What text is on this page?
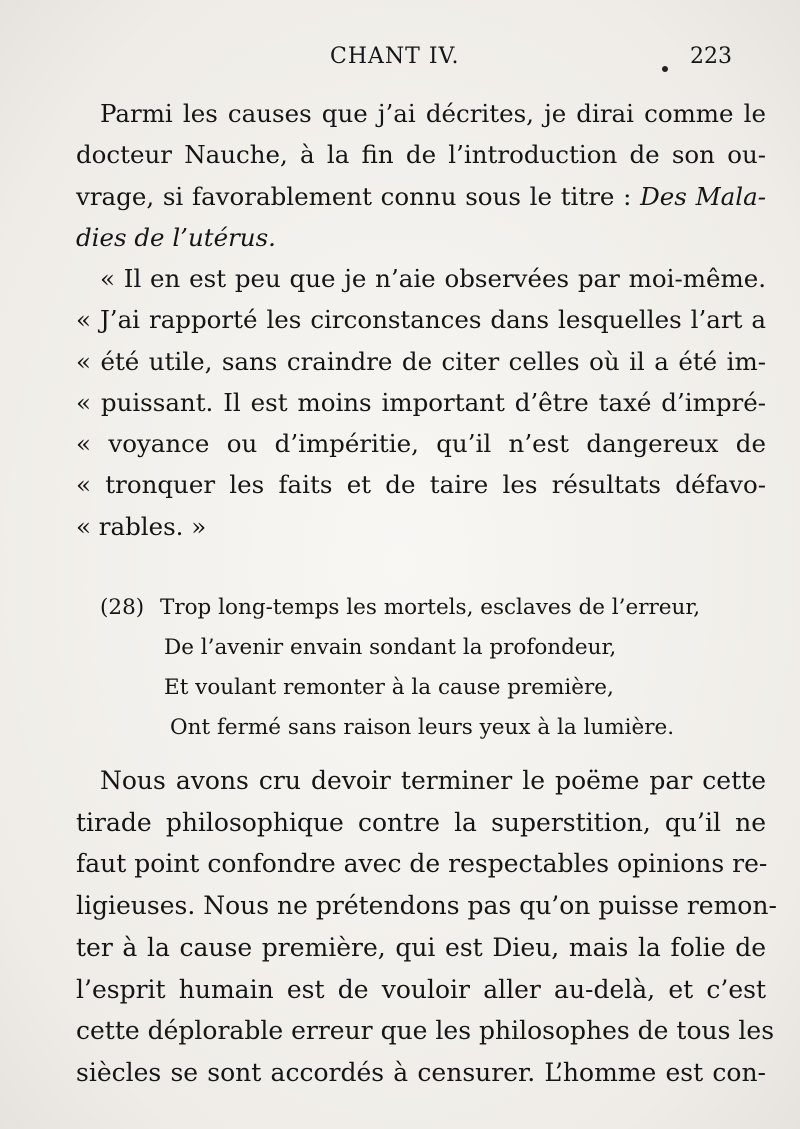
CHANT IV.	223
Parmi les causes que j’ai décrites, je dirai comme le
docteur Nauche, à la fin de l’introduction de son ou-
vrage, si favorablement connu sous le titre : Des Mala-
dies de l’utérus.
« Il en est peu que je n’aie observées par moi-même.
« J’ai rapporté les circonstances dans lesquelles l’art a
« été utile, sans craindre de citer celles où il a été im-
« puissant. Il est moins important d’être taxé d’impré-
« voyance ou d’impéritie, qu’il n’est dangereux de
« tronquer les faits et de taire les résultats défavo-
« rables. »
(28) Trop long-temps les mortels, esclaves de l’erreur,
De l’avenir envain sondant la profondeur,
Et voulant remonter à la cause première,
Ont fermé sans raison leurs yeux à la lumière.
Nous avons cru devoir terminer le poëme par cette
tirade philosophique contre la superstition, qu’il ne
faut point confondre avec de respectables opinions re-
ligieuses. Nous ne prétendons pas qu’on puisse remon-
ter à la cause première, qui est Dieu, mais la folie de
l’esprit humain est de vouloir aller au-delà, et c’est
cette déplorable erreur que les philosophes de tous les
siècles se sont accordés à censurer. L’homme est con-
